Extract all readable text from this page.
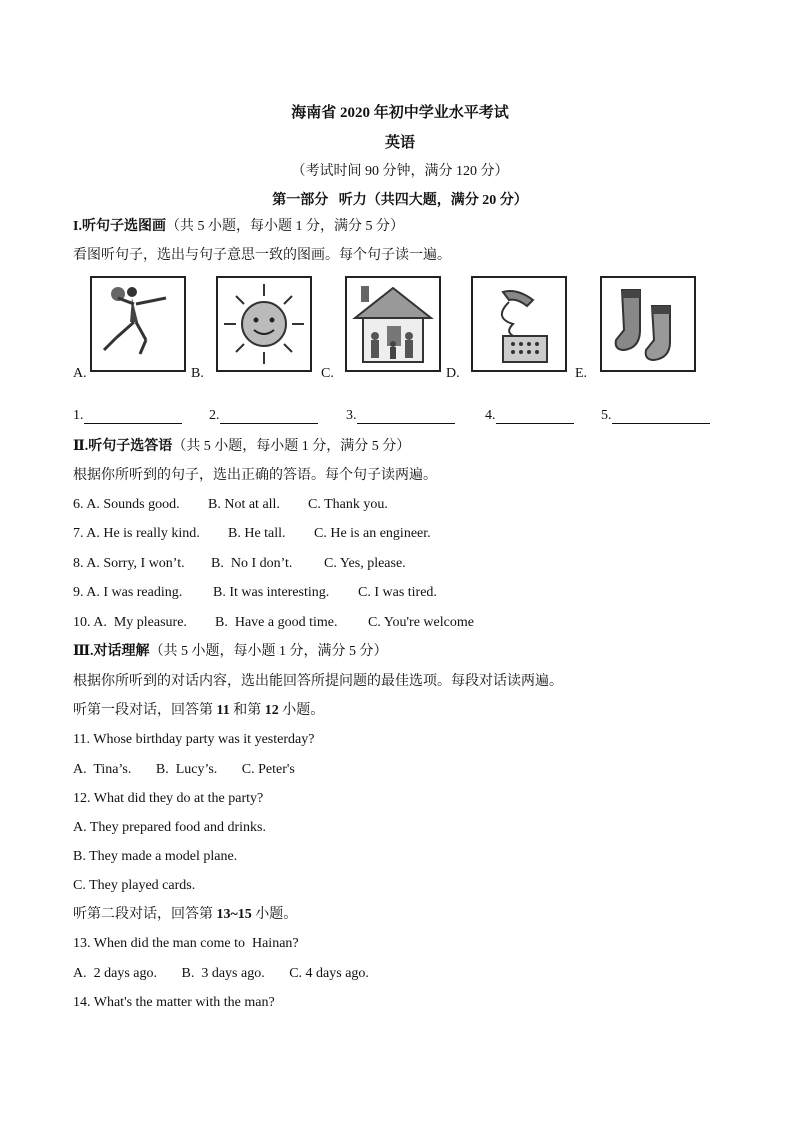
海南省 2020 年初中学业水平考试
英语
（考试时间 90 分钟，满分 120 分）
第一部分   听力（共四大题，满分 20 分）
I.听句子选图画（共 5 小题，每小题 1 分，满分 5 分）
看图听句子，选出与句子意思一致的图画。每个句子读一遍。
A.	B.	C.	D.	E.
1.	2.	3.	4.	5.
Ⅱ.听句子选答语（共 5 小题，每小题 1 分，满分 5 分）
根据你所听到的句子，选出正确的答语。每个句子读两遍。
6. A. Sounds good. B. Not at all. C. Thank you.
7. A. He is really kind. B. He tall. C. He is an engineer.
8. A. Sorry, I won’t. B.  No I don’t. C. Yes, please.
9. A. I was reading. B. It was interesting. C. I was tired.
10. A.  My pleasure. B.  Have a good time. C. You're welcome
Ⅲ.对话理解（共 5 小题，每小题 1 分，满分 5 分）
根据你所听到的对话内容，选出能回答所提问题的最佳选项。每段对话读两遍。
听第一段对话，回答第 11 和第 12 小题。
11. Whose birthday party was it yesterday?
A.  Tina’s.       B.  Lucy’s.       C. Peter's
12. What did they do at the party?
A. They prepared food and drinks.
B. They made a model plane.
C. They played cards.
听第二段对话，回答第 13~15 小题。
13. When did the man come to  Hainan?
A.  2 days ago.       B.  3 days ago.       C. 4 days ago.
14. What's the matter with the man?
